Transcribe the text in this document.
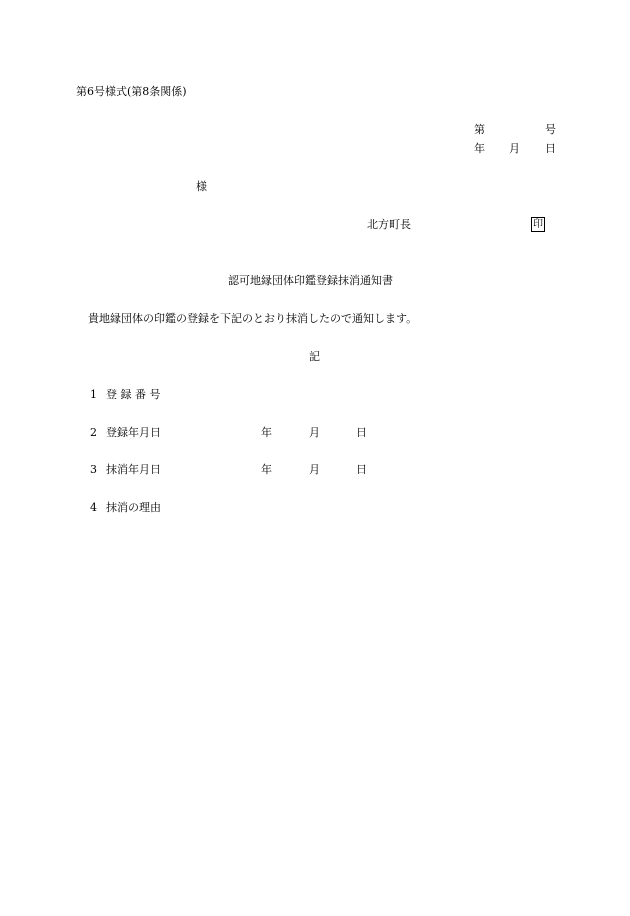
第6号様式(第8条関係)
第	号
年 月 日
様
北方町長	印
認可地縁団体印鑑登録抹消通知書
貴地縁団体の印鑑の登録を下記のとおり抹消したので通知します。
記
1 登 録 番 号
2 登録年月日	年	月	日
3 抹消年月日	年	月	日
4 抹消の理由
